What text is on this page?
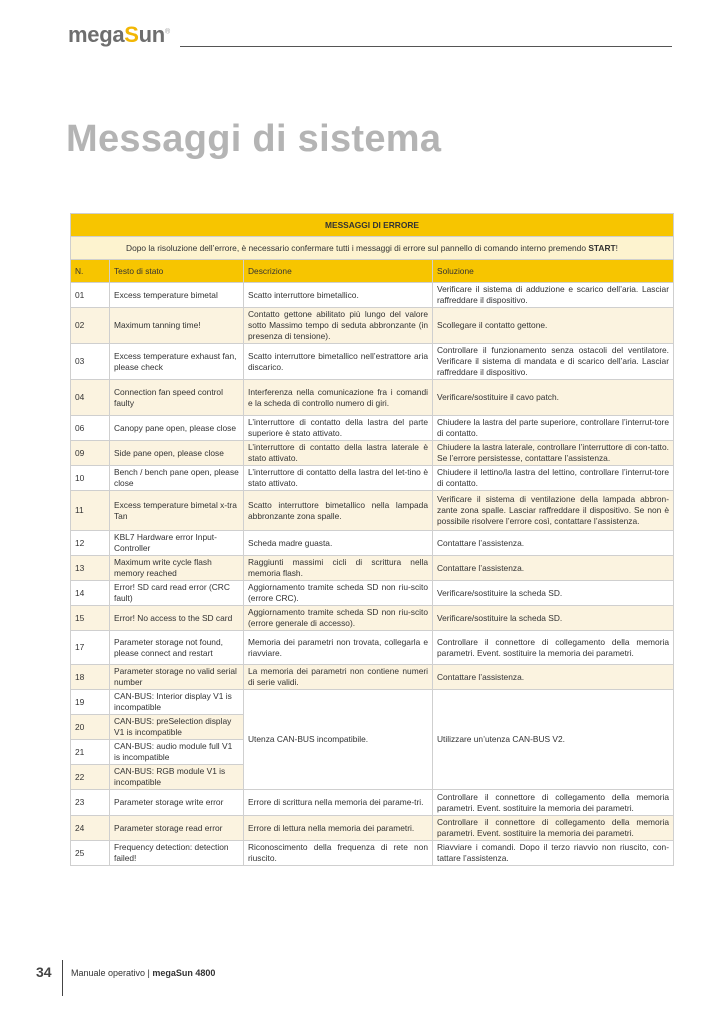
megaSun®
Messaggi di sistema
MESSAGGI DI ERRORE			
Dopo la risoluzione dell’errore, è necessario confermare tutti i messaggi di errore sul pannello di comando interno premendo START!			
N.	Testo di stato	Descrizione	Soluzione
01	Excess temperature bimetal	Scatto interruttore bimetallico.	Verificare il sistema di adduzione e scarico dell’aria. Lasciar raffreddare il dispositivo.
02	Maximum tanning time!	Contatto gettone abilitato più lungo del valore sotto Massimo tempo di seduta abbronzante (in presenza di tensione).	Scollegare il contatto gettone.
03	Excess temperature exhaust fan, please check	Scatto interruttore bimetallico nell’estrattore aria discarico.	Controllare il funzionamento senza ostacoli del ventilatore. Verificare il sistema di mandata e di scarico dell’aria. Lasciar raffreddare il dispositivo.
04	Connection fan speed control faulty	Interferenza nella comunicazione fra i comandi e la scheda di controllo numero di giri.	Verificare/sostituire il cavo patch.
06	Canopy pane open, please close	L’interruttore di contatto della lastra del parte superiore è stato attivato.	Chiudere la lastra del parte superiore, controllare l’interrut-tore di contatto.
09	Side pane open, please close	L’interruttore di contatto della lastra laterale è stato attivato.	Chiudere la lastra laterale, controllare l’interruttore di con-tatto. Se l’errore persistesse, contattare l’assistenza.
10	Bench / bench pane open, please close	L’interruttore di contatto della lastra del let-tino è stato attivato.	Chiudere il lettino/la lastra del lettino, controllare l’interrut-tore di contatto.
11	Excess temperature bimetal x-tra Tan	Scatto interruttore bimetallico nella lampada abbronzante zona spalle.	Verificare il sistema di ventilazione della lampada abbron-zante zona spalle. Lasciar raffreddare il dispositivo. Se non è possibile risolvere l’errore così, contattare l’assistenza.
12	KBL7 Hardware error Input-Controller	Scheda madre guasta.	Contattare l’assistenza.
13	Maximum write cycle flash memory reached	Raggiunti massimi cicli di scrittura nella memoria flash.	Contattare l’assistenza.
14	Error! SD card read error (CRC fault)	Aggiornamento tramite scheda SD non riu-scito (errore CRC).	Verificare/sostituire la scheda SD.
15	Error! No access to the SD card	Aggiornamento tramite scheda SD non riu-scito (errore generale di accesso).	Verificare/sostituire la scheda SD.
17	Parameter storage not found, please connect and restart	Memoria dei parametri non trovata, collegarla e riavviare.	Controllare il connettore di collegamento della memoria parametri. Event. sostituire la memoria dei parametri.
18	Parameter storage no valid serial number	La memoria dei parametri non contiene numeri di serie validi.	Contattare l’assistenza.
19	CAN-BUS: Interior display V1 is incompatible	Utenza CAN-BUS incompatibile.	Utilizzare un’utenza CAN-BUS V2.
20	CAN-BUS: preSelection display V1 is incompatible		
21	CAN-BUS: audio module full V1 is incompatible		
22	CAN-BUS: RGB module V1 is incompatible		
23	Parameter storage write error	Errore di scrittura nella memoria dei parame-tri.	Controllare il connettore di collegamento della memoria parametri. Event. sostituire la memoria dei parametri.
24	Parameter storage read error	Errore di lettura nella memoria dei parametri.	Controllare il connettore di collegamento della memoria parametri. Event. sostituire la memoria dei parametri.
25	Frequency detection: detection failed!	Riconoscimento della frequenza di rete non riuscito.	Riavviare i comandi. Dopo il terzo riavvio non riuscito, con-tattare l’assistenza.
34 Manuale operativo | megaSun 4800
